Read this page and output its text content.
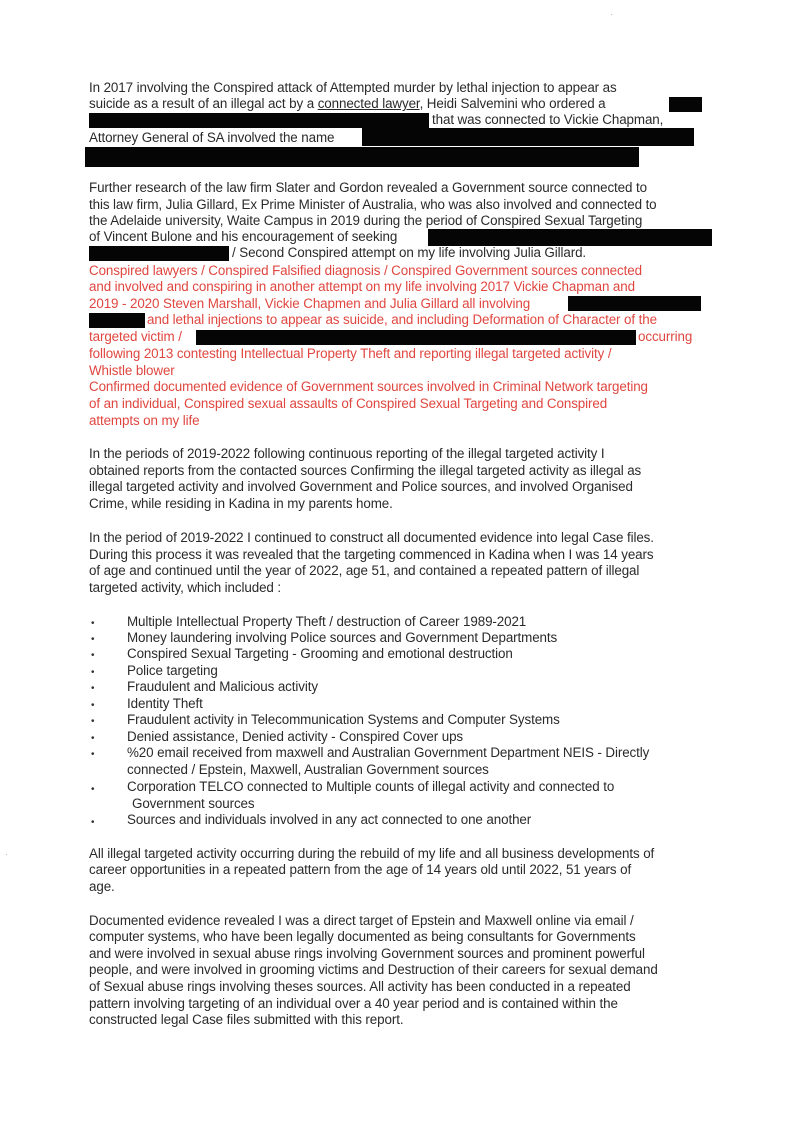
·
·
In 2017 involving the Conspired attack of Attempted murder by lethal injection to appear as
suicide as a result of an illegal act by a connected lawyer, Heidi Salvemini who ordered a
that was connected to Vickie Chapman,
Attorney General of SA involved the name
Further research of the law firm Slater and Gordon revealed a Government source connected to
this law firm, Julia Gillard, Ex Prime Minister of Australia, who was also involved and connected to
the Adelaide university, Waite Campus in 2019 during the period of Conspired Sexual Targeting
of Vincent Bulone and his encouragement of seeking
/ Second Conspired attempt on my life involving Julia Gillard.
Conspired lawyers / Conspired Falsified diagnosis / Conspired Government sources connected
and involved and conspiring in another attempt on my life involving 2017 Vickie Chapman and
2019 - 2020 Steven Marshall, Vickie Chapmen and Julia Gillard all involving
and lethal injections to appear as suicide, and including Deformation of Character of the
targeted victim /	occurring
following 2013 contesting Intellectual Property Theft and reporting illegal targeted activity /
Whistle blower
Confirmed documented evidence of Government sources involved in Criminal Network targeting
of an individual, Conspired sexual assaults of Conspired Sexual Targeting and Conspired
attempts on my life
In the periods of 2019-2022 following continuous reporting of the illegal targeted activity I
obtained reports from the contacted sources Confirming the illegal targeted activity as illegal as
illegal targeted activity and involved Government and Police sources, and involved Organised
Crime, while residing in Kadina in my parents home.
In the period of 2019-2022 I continued to construct all documented evidence into legal Case files.
During this process it was revealed that the targeting commenced in Kadina when I was 14 years
of age and continued until the year of 2022, age 51, and contained a repeated pattern of illegal
targeted activity, which included :
• Multiple Intellectual Property Theft / destruction of Career 1989-2021
• Money laundering involving Police sources and Government Departments
• Conspired Sexual Targeting - Grooming and emotional destruction
• Police targeting
• Fraudulent and Malicious activity
• Identity Theft
• Fraudulent activity in Telecommunication Systems and Computer Systems
• Denied assistance, Denied activity - Conspired Cover ups
• %20 email received from maxwell and Australian Government Department NEIS - Directly
connected / Epstein, Maxwell, Australian Government sources
• Corporation TELCO connected to Multiple counts of illegal activity and connected to
Government sources
• Sources and individuals involved in any act connected to one another
All illegal targeted activity occurring during the rebuild of my life and all business developments of
career opportunities in a repeated pattern from the age of 14 years old until 2022, 51 years of
age.
Documented evidence revealed I was a direct target of Epstein and Maxwell online via email /
computer systems, who have been legally documented as being consultants for Governments
and were involved in sexual abuse rings involving Government sources and prominent powerful
people, and were involved in grooming victims and Destruction of their careers for sexual demand
of Sexual abuse rings involving theses sources. All activity has been conducted in a repeated
pattern involving targeting of an individual over a 40 year period and is contained within the
constructed legal Case files submitted with this report.
